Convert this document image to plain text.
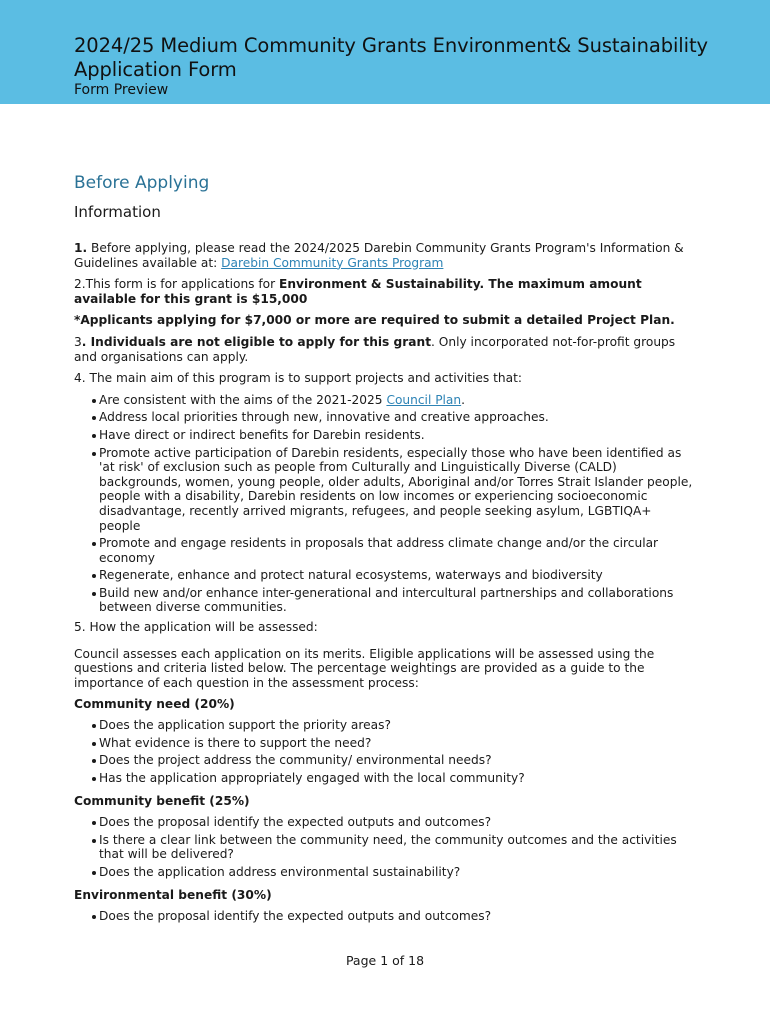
2024/25 Medium Community Grants Environment& Sustainability Application Form
Form Preview
Before Applying
Information

1. Before applying, please read the 2024/2025 Darebin Community Grants Program's Information & Guidelines available at: Darebin Community Grants Program

2.This form is for applications for Environment & Sustainability. The maximum amount available for this grant is $15,000

*Applicants applying for $7,000 or more are required to submit a detailed Project Plan.

3. Individuals are not eligible to apply for this grant. Only incorporated not-for-profit groups and organisations can apply.

4. The main aim of this program is to support projects and activities that:

Are consistent with the aims of the 2021-2025 Council Plan.
Address local priorities through new, innovative and creative approaches.
Have direct or indirect benefits for Darebin residents.
Promote active participation of Darebin residents, especially those who have been identified as 'at risk' of exclusion such as people from Culturally and Linguistically Diverse (CALD) backgrounds, women, young people, older adults, Aboriginal and/or Torres Strait Islander people, people with a disability, Darebin residents on low incomes or experiencing socioeconomic disadvantage, recently arrived migrants, refugees, and people seeking asylum, LGBTIQA+ people
Promote and engage residents in proposals that address climate change and/or the circular economy
Regenerate, enhance and protect natural ecosystems, waterways and biodiversity
Build new and/or enhance inter-generational and intercultural partnerships and collaborations between diverse communities.

5. How the application will be assessed:

Council assesses each application on its merits. Eligible applications will be assessed using the questions and criteria listed below. The percentage weightings are provided as a guide to the importance of each question in the assessment process:

Community need (20%)
Does the application support the priority areas?
What evidence is there to support the need?
Does the project address the community/ environmental needs?
Has the application appropriately engaged with the local community?
Community benefit (25%)
Does the proposal identify the expected outputs and outcomes?
Is there a clear link between the community need, the community outcomes and the activities that will be delivered?
Does the application address environmental sustainability?
Environmental benefit (30%)
Does the proposal identify the expected outputs and outcomes?
Page 1 of 18
